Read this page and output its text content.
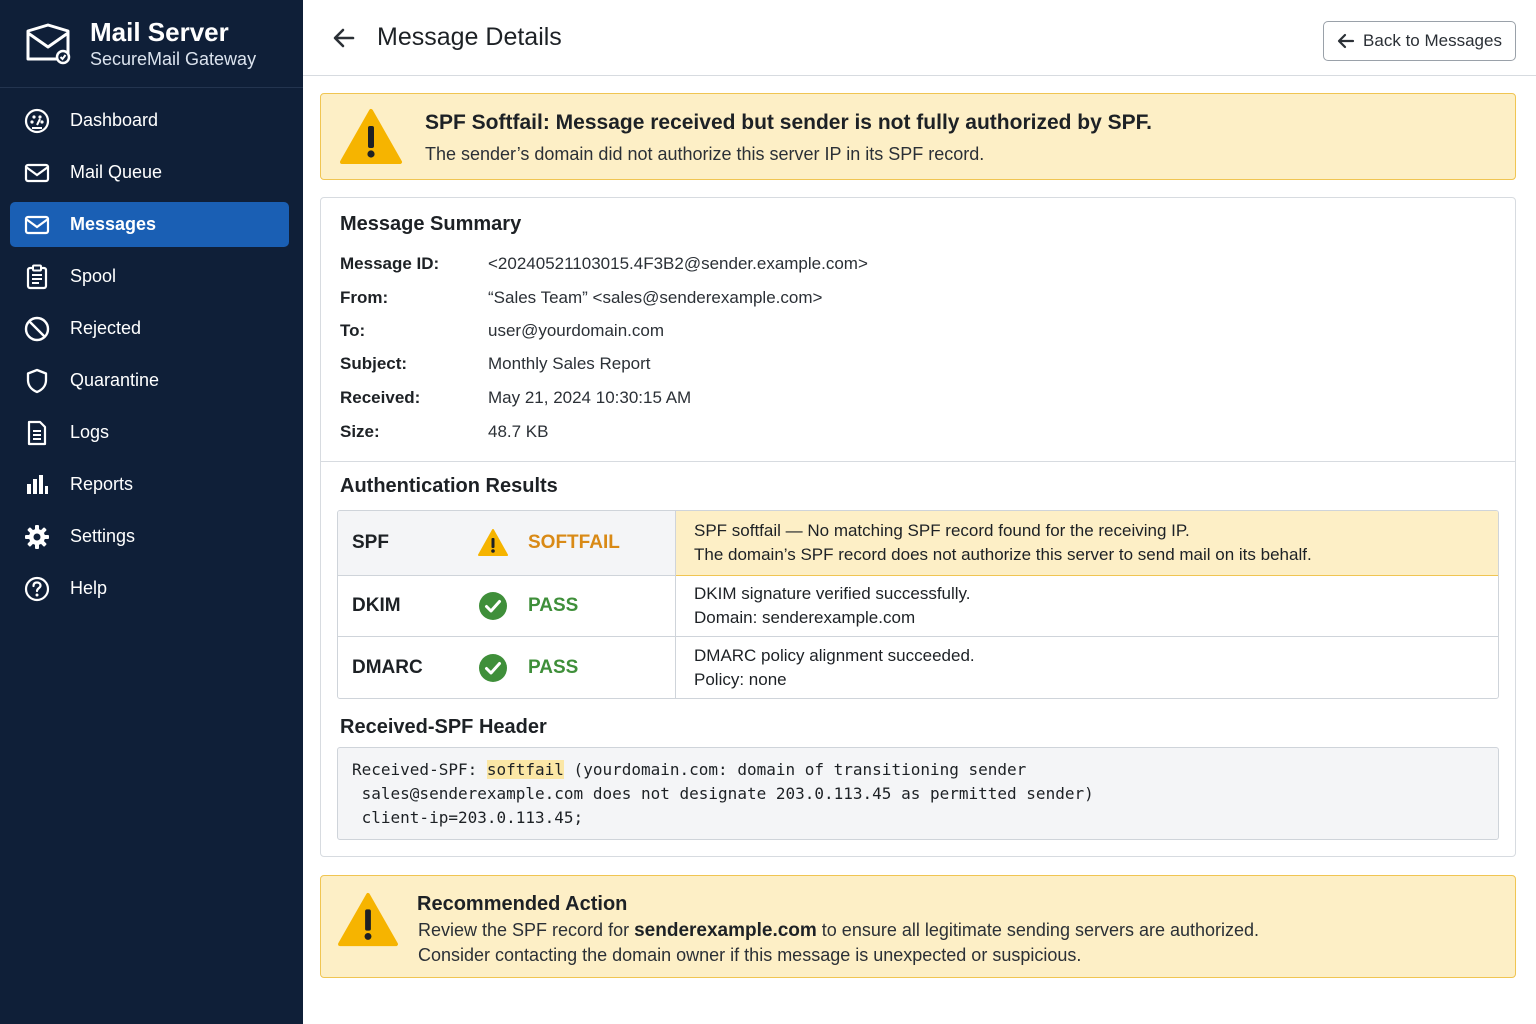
Mail Server
SecureMail Gateway
Dashboard
Mail Queue
Messages
Spool
Rejected
Quarantine
Logs
Reports
Settings
Help
Message Details	Back to Messages
SPF Softfail: Message received but sender is not fully authorized by SPF.
The sender’s domain did not authorize this server IP in its SPF record.
Message Summary
Message ID:	<20240521103015.4F3B2@sender.example.com>
From:	“Sales Team” <sales@senderexample.com>
To:	user@yourdomain.com
Subject:	Monthly Sales Report
Received:	May 21, 2024 10:30:15 AM
Size:	48.7 KB
Authentication Results
SPF	SOFTFAIL
SPF softfail — No matching SPF record found for the receiving IP.
The domain’s SPF record does not authorize this server to send mail on its behalf.
DKIM	PASS
DKIM signature verified successfully.
Domain: senderexample.com
DMARC	PASS
DMARC policy alignment succeeded.
Policy: none
Received-SPF Header
Received-SPF: softfail (yourdomain.com: domain of transitioning sender
sales@senderexample.com does not designate 203.0.113.45 as permitted sender)
client-ip=203.0.113.45;
Recommended Action
Review the SPF record for senderexample.com to ensure all legitimate sending servers are authorized.
Consider contacting the domain owner if this message is unexpected or suspicious.
